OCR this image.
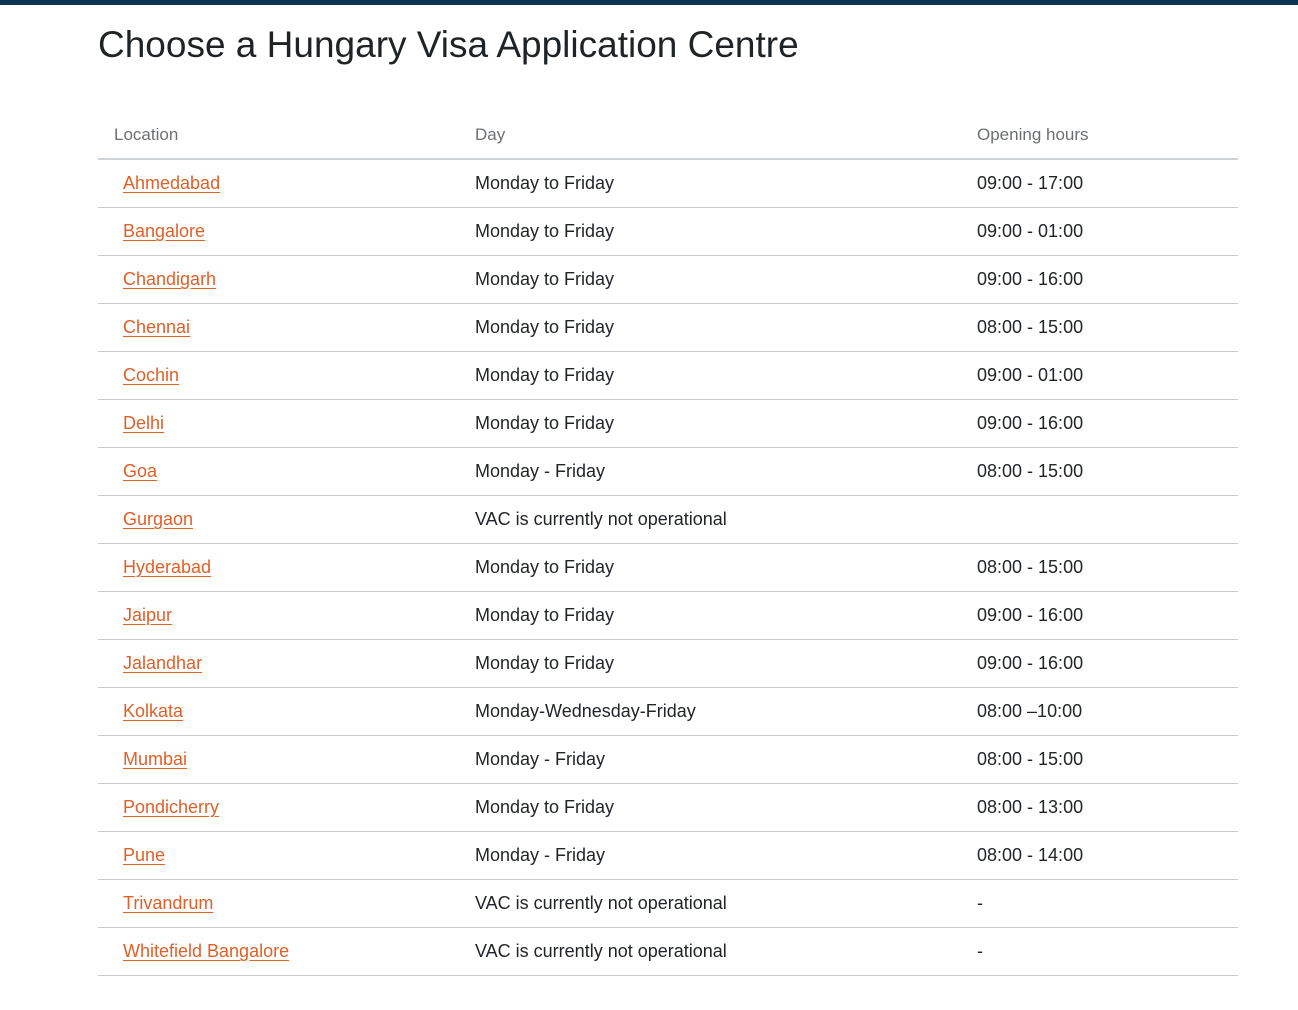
Choose a Hungary Visa Application Centre
Location	Day	Opening hours
Ahmedabad	Monday to Friday	09:00 - 17:00
Bangalore	Monday to Friday	09:00 - 01:00
Chandigarh	Monday to Friday	09:00 - 16:00
Chennai	Monday to Friday	08:00 - 15:00
Cochin	Monday to Friday	09:00 - 01:00
Delhi	Monday to Friday	09:00 - 16:00
Goa	Monday - Friday	08:00 - 15:00
Gurgaon	VAC is currently not operational	
Hyderabad	Monday to Friday	08:00 - 15:00
Jaipur	Monday to Friday	09:00 - 16:00
Jalandhar	Monday to Friday	09:00 - 16:00
Kolkata	Monday-Wednesday-Friday	08:00 –10:00
Mumbai	Monday - Friday	08:00 - 15:00
Pondicherry	Monday to Friday	08:00 - 13:00
Pune	Monday - Friday	08:00 - 14:00
Trivandrum	VAC is currently not operational	-
Whitefield Bangalore	VAC is currently not operational	-
